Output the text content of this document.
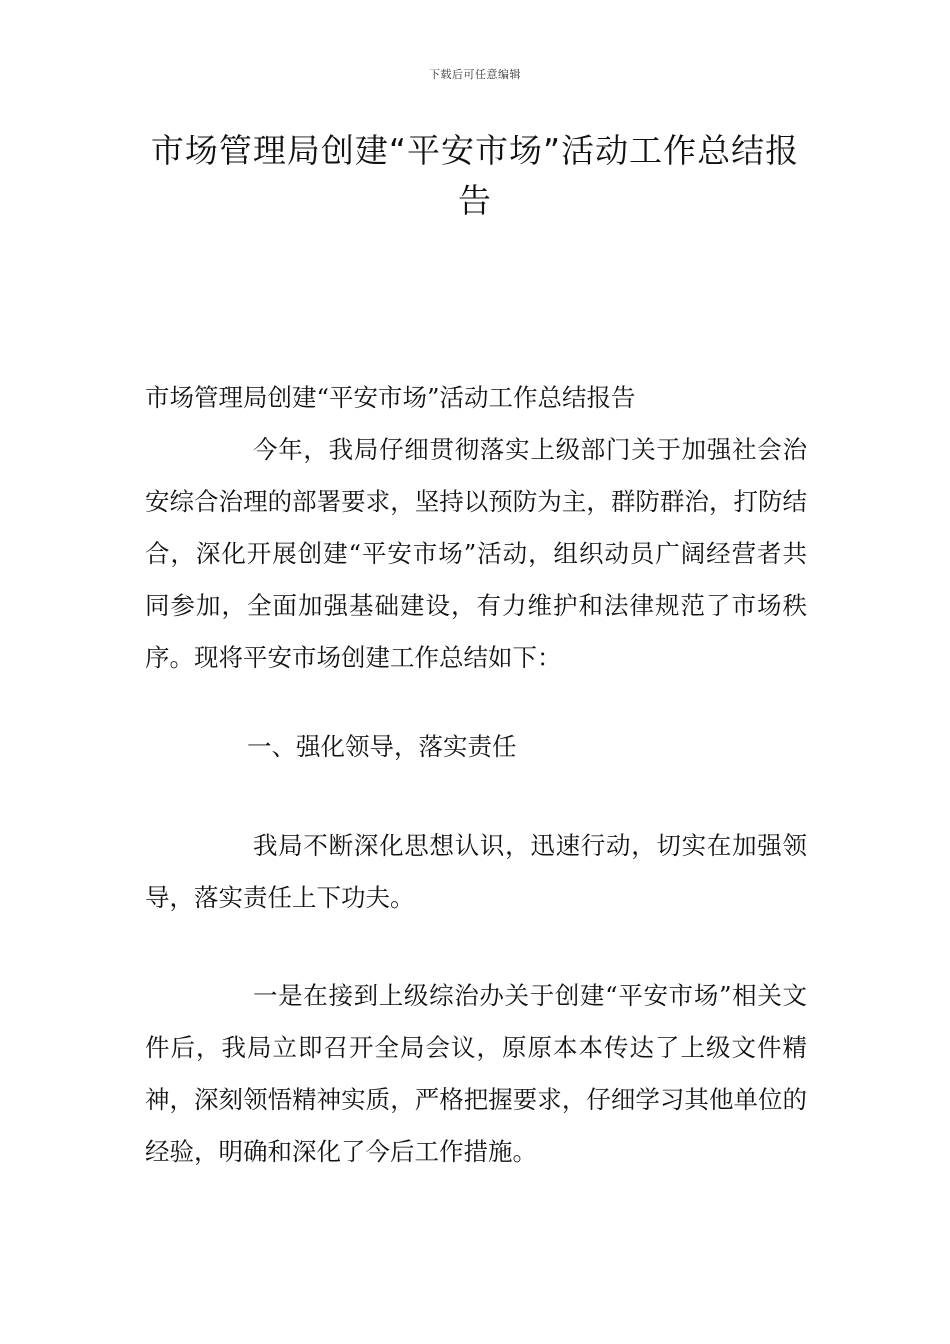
下载后可任意编辑
市场管理局创建“平安市场”活动工作总结报告

市场管理局创建“平安市场”活动工作总结报告

今年，我局仔细贯彻落实上级部门关于加强社会治安综合治理的部署要求，坚持以预防为主，群防群治，打防结合，深化开展创建“平安市场”活动，组织动员广阔经营者共同参加，全面加强基础建设，有力维护和法律规范了市场秩序。现将平安市场创建工作总结如下：

一、强化领导，落实责任

我局不断深化思想认识，迅速行动，切实在加强领导，落实责任上下功夫。

一是在接到上级综治办关于创建“平安市场”相关文件后，我局立即召开全局会议，原原本本传达了上级文件精神，深刻领悟精神实质，严格把握要求，仔细学习其他单位的经验，明确和深化了今后工作措施。
